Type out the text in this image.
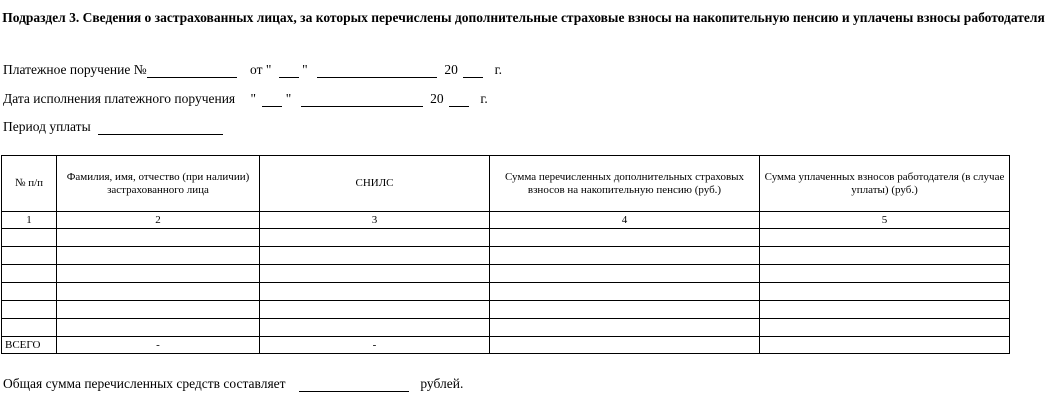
Подраздел 3. Сведения о застрахованных лицах, за которых перечислены дополнительные страховые взносы на накопительную пенсию и уплачены взносы работодателя
Платежное поручение №	от " "	20	г.
Дата исполнения платежного поручения " "	20	г.
Период уплаты
№ п/п	Фамилия, имя, отчество (при наличии) застрахованного лица	СНИЛС	Сумма перечисленных дополнительных страховых взносов на накопительную пенсию (руб.)	Сумма уплаченных взносов работодателя (в случае уплаты) (руб.)
1	2	3	4	5

ВСЕГО	-	-		
Общая сумма перечисленных средств составляет	рублей.
